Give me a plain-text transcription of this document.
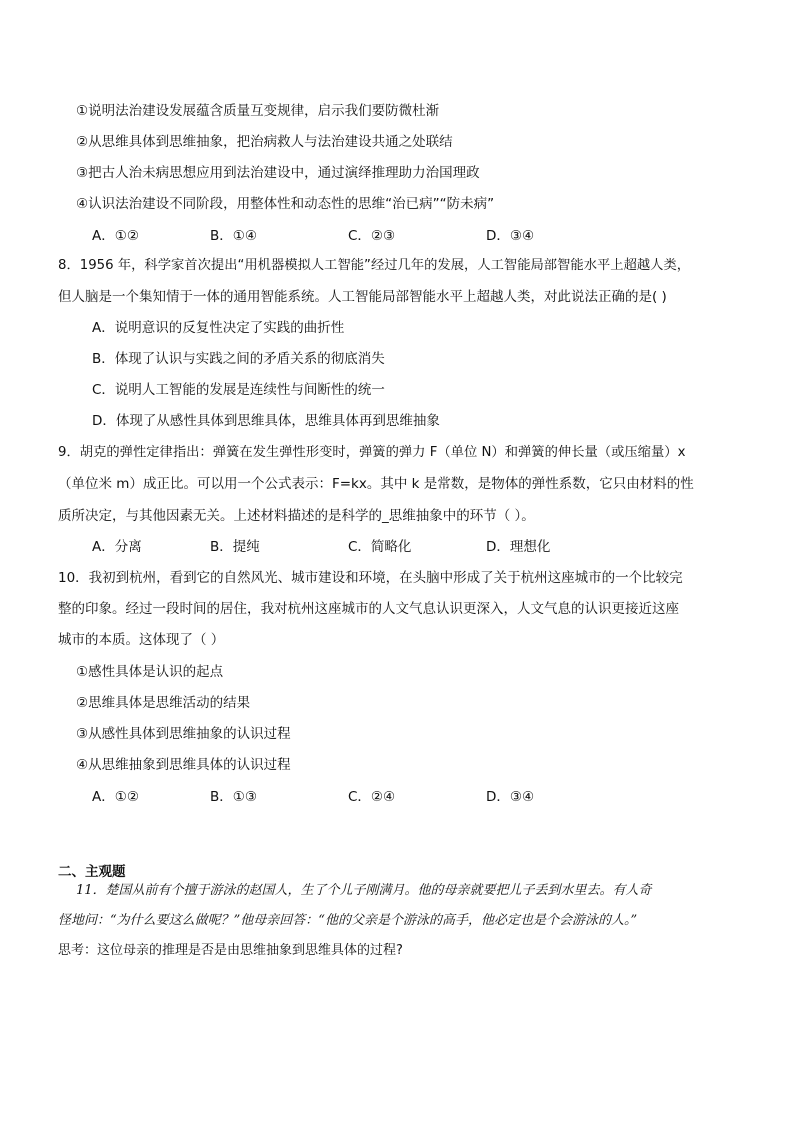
①说明法治建设发展蕴含质量互变规律，启示我们要防微杜渐
②从思维具体到思维抽象，把治病救人与法治建设共通之处联结
③把古人治未病思想应用到法治建设中，通过演绎推理助力治国理政
④认识法治建设不同阶段，用整体性和动态性的思维“治已病”“防未病”
A．①②	B．①④	C．②③	D．③④
8．1956 年，科学家首次提出“用机器模拟人工智能”经过几年的发展，人工智能局部智能水平上超越人类，
但人脑是一个集知情于一体的通用智能系统。人工智能局部智能水平上超越人类，对此说法正确的是( )
A．说明意识的反复性决定了实践的曲折性
B．体现了认识与实践之间的矛盾关系的彻底消失
C．说明人工智能的发展是连续性与间断性的统一
D．体现了从感性具体到思维具体，思维具体再到思维抽象
9．胡克的弹性定律指出：弹簧在发生弹性形变时，弹簧的弹力 F（单位 N）和弹簧的伸长量（或压缩量）x
（单位米 m）成正比。可以用一个公式表示：F=kx。其中 k 是常数，是物体的弹性系数，它只由材料的性
质所决定，与其他因素无关。上述材料描述的是科学的_思维抽象中的环节（ ）。
A．分离	B．提纯	C．简略化	D．理想化
10．我初到杭州，看到它的自然风光、城市建设和环境，在头脑中形成了关于杭州这座城市的一个比较完
整的印象。经过一段时间的居住，我对杭州这座城市的人文气息认识更深入，人文气息的认识更接近这座
城市的本质。这体现了（ ）
①感性具体是认识的起点
②思维具体是思维活动的结果
③从感性具体到思维抽象的认识过程
④从思维抽象到思维具体的认识过程
A．①②	B．①③	C．②④	D．③④
二、主观题
11．楚国从前有个擅于游泳的赵国人，生了个儿子刚满月。他的母亲就要把儿子丢到水里去。有人奇
怪地问：“为什么要这么做呢？”他母亲回答：“他的父亲是个游泳的高手，他必定也是个会游泳的人。”
思考：这位母亲的推理是否是由思维抽象到思维具体的过程?
